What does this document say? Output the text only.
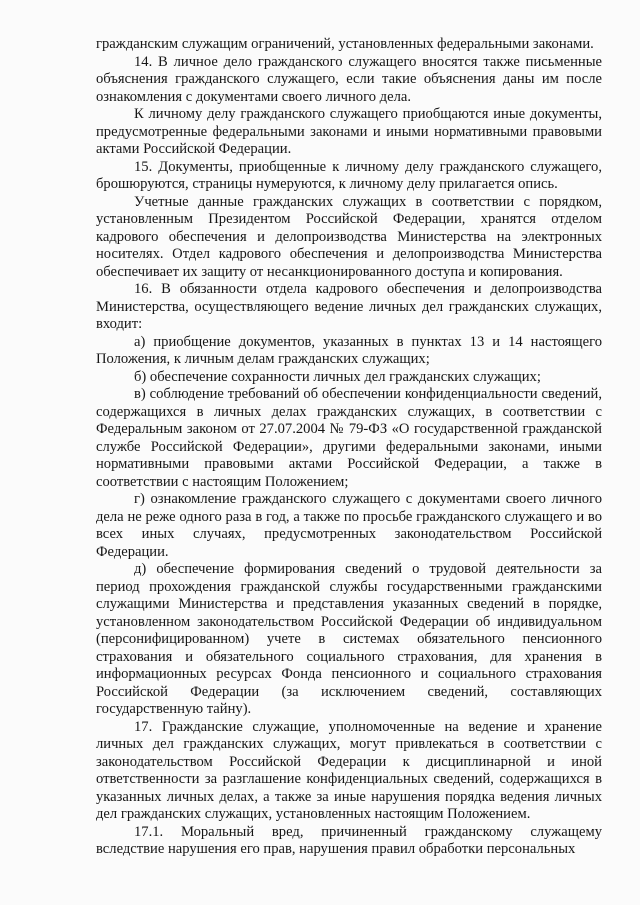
гражданским служащим ограничений, установленных федеральными законами.

14. В личное дело гражданского служащего вносятся также письменные объяснения гражданского служащего, если такие объяснения даны им после ознакомления с документами своего личного дела.

К личному делу гражданского служащего приобщаются иные документы, предусмотренные федеральными законами и иными нормативными правовыми актами Российской Федерации.

15. Документы, приобщенные к личному делу гражданского служащего, брошюруются, страницы нумеруются, к личному делу прилагается опись.

Учетные данные гражданских служащих в соответствии с порядком, установленным Президентом Российской Федерации, хранятся отделом кадрового обеспечения и делопроизводства Министерства на электронных носителях. Отдел кадрового обеспечения и делопроизводства Министерства обеспечивает их защиту от несанкционированного доступа и копирования.

16. В обязанности отдела кадрового обеспечения и делопроизводства Министерства, осуществляющего ведение личных дел гражданских служащих, входит:

а) приобщение документов, указанных в пунктах 13 и 14 настоящего Положения, к личным делам гражданских служащих;

б) обеспечение сохранности личных дел гражданских служащих;

в) соблюдение требований об обеспечении конфиденциальности сведений, содержащихся в личных делах гражданских служащих, в соответствии с Федеральным законом от 27.07.2004 № 79-ФЗ «О государственной гражданской службе Российской Федерации», другими федеральными законами, иными нормативными правовыми актами Российской Федерации, а также в соответствии с настоящим Положением;

г) ознакомление гражданского служащего с документами своего личного дела не реже одного раза в год, а также по просьбе гражданского служащего и во всех иных случаях, предусмотренных законодательством Российской Федерации.

д) обеспечение формирования сведений о трудовой деятельности за период прохождения гражданской службы государственными гражданскими служащими Министерства и представления указанных сведений в порядке, установленном законодательством Российской Федерации об индивидуальном (персонифицированном) учете в системах обязательного пенсионного страхования и обязательного социального страхования, для хранения в информационных ресурсах Фонда пенсионного и социального страхования Российской Федерации (за исключением сведений, составляющих государственную тайну).

17. Гражданские служащие, уполномоченные на ведение и хранение личных дел гражданских служащих, могут привлекаться в соответствии с законодательством Российской Федерации к дисциплинарной и иной ответственности за разглашение конфиденциальных сведений, содержащихся в указанных личных делах, а также за иные нарушения порядка ведения личных дел гражданских служащих, установленных настоящим Положением.

17.1. Моральный вред, причиненный гражданскому служащему вследствие нарушения его прав, нарушения правил обработки персональных
